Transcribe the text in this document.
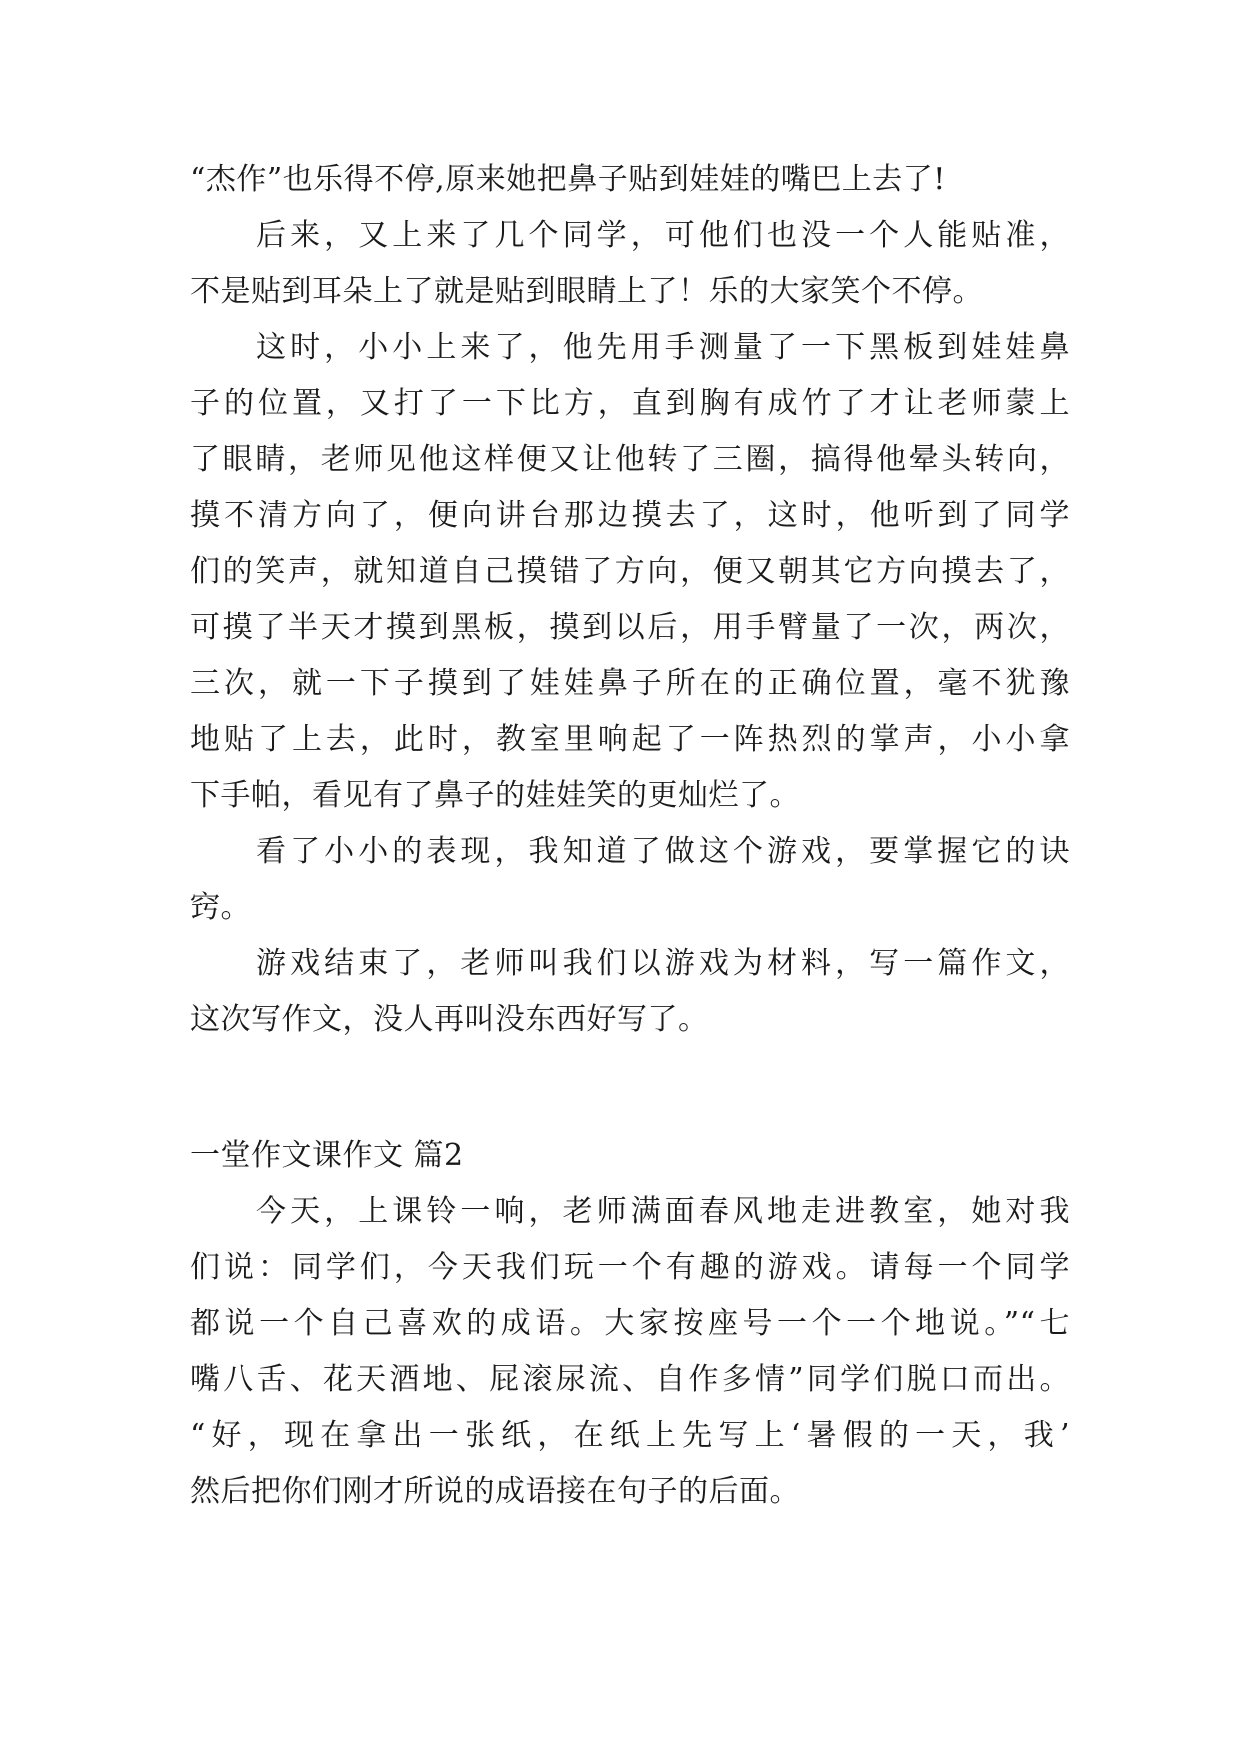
“杰作”也乐得不停,原来她把鼻子贴到娃娃的嘴巴上去了!
后来，又上来了几个同学，可他们也没一个人能贴准，
不是贴到耳朵上了就是贴到眼睛上了！乐的大家笑个不停。
这时，小小上来了，他先用手测量了一下黑板到娃娃鼻
子的位置，又打了一下比方，直到胸有成竹了才让老师蒙上
了眼睛，老师见他这样便又让他转了三圈，搞得他晕头转向，
摸不清方向了，便向讲台那边摸去了，这时，他听到了同学
们的笑声，就知道自己摸错了方向，便又朝其它方向摸去了，
可摸了半天才摸到黑板，摸到以后，用手臂量了一次，两次，
三次，就一下子摸到了娃娃鼻子所在的正确位置，毫不犹豫
地贴了上去，此时，教室里响起了一阵热烈的掌声，小小拿
下手帕，看见有了鼻子的娃娃笑的更灿烂了。
看了小小的表现，我知道了做这个游戏，要掌握它的诀
窍。
游戏结束了，老师叫我们以游戏为材料，写一篇作文，
这次写作文，没人再叫没东西好写了。
一堂作文课作文 篇2
今天，上课铃一响，老师满面春风地走进教室，她对我
们说：同学们，今天我们玩一个有趣的游戏。请每一个同学
都说一个自己喜欢的成语。大家按座号一个一个地说。”“七
嘴八舌、花天酒地、屁滚尿流、自作多情”同学们脱口而出。
“好，现在拿出一张纸，在纸上先写上‘暑假的一天，我’
然后把你们刚才所说的成语接在句子的后面。
